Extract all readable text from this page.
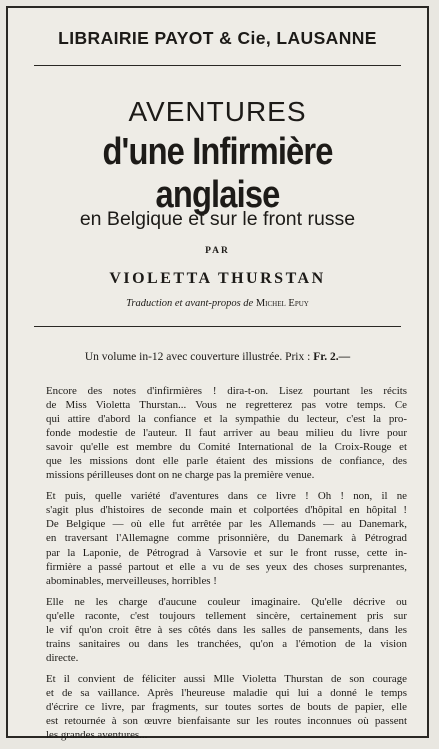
LIBRAIRIE PAYOT & Cie, LAUSANNE
AVENTURES
d'une Infirmière anglaise
en Belgique et sur le front russe
PAR
VIOLETTA THURSTAN
Traduction et avant-propos de Michel Epuy
Un volume in-12 avec couverture illustrée. Prix : Fr. 2.—

Encore des notes d'infirmières ! dira-t-on. Lisez pourtant les récits
de Miss Violetta Thurstan... Vous ne regretterez pas votre temps. Ce
qui attire d'abord la confiance et la sympathie du lecteur, c'est la pro-
fonde modestie de l'auteur. Il faut arriver au beau milieu du livre pour
savoir qu'elle est membre du Comité International de la Croix-Rouge et
que les missions dont elle parle étaient des missions de confiance, des
missions périlleuses dont on ne charge pas la première venue.

Et puis, quelle variété d'aventures dans ce livre ! Oh ! non, il ne
s'agit plus d'histoires de seconde main et colportées d'hôpital en hôpital !
De Belgique — où elle fut arrêtée par les Allemands — au Danemark,
en traversant l'Allemagne comme prisonnière, du Danemark à Pétrograd
par la Laponie, de Pétrograd à Varsovie et sur le front russe, cette in-
firmière a passé partout et elle a vu de ses yeux des choses surprenantes,
abominables, merveilleuses, horribles !

Elle ne les charge d'aucune couleur imaginaire. Qu'elle décrive ou
qu'elle raconte, c'est toujours tellement sincère, certainement pris sur
le vif qu'on croit être à ses côtés dans les salles de pansements, dans les
trains sanitaires ou dans les tranchées, qu'on a l'émotion de la vision
directe.

Et il convient de féliciter aussi Mlle Violetta Thurstan de son courage
et de sa vaillance. Après l'heureuse maladie qui lui a donné le temps
d'écrire ce livre, par fragments, sur toutes sortes de bouts de papier, elle
est retournée à son œuvre bienfaisante sur les routes inconnues où passent
les grandes aventures...
